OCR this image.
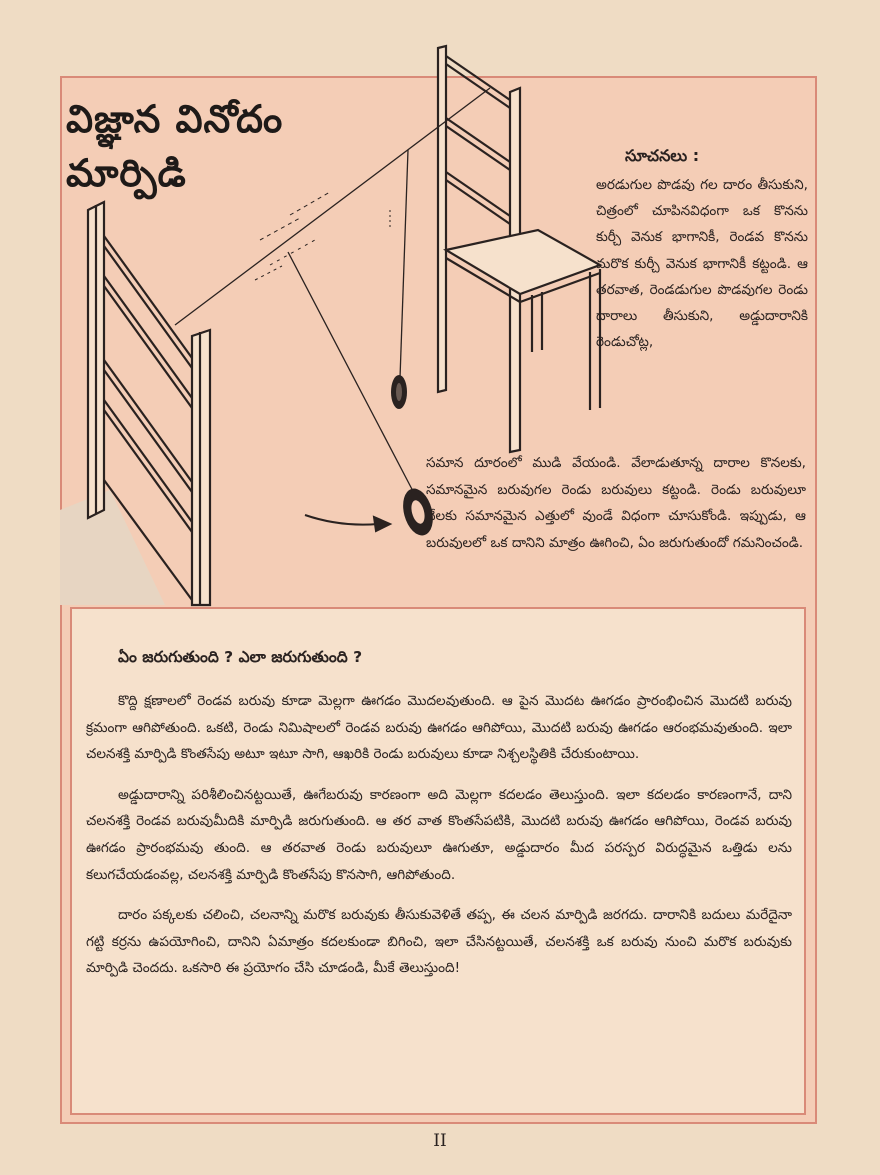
విజ్ఞాన వినోదం
మార్పిడి	సూచనలు :
అరడుగుల పొడవు గల దారం తీసుకుని, చిత్రంలో చూపినవిధంగా ఒక కొనను కుర్చీ వెనుక భాగానికీ, రెండవ కొనను మరొక కుర్చీ వెనుక భాగానికీ కట్టండి. ఆ తరవాత, రెండడుగుల పొడవుగల రెండు దారాలు తీసుకుని, అడ్డుదారానికి రెండుచోట్ల,
సమాన దూరంలో ముడి వేయండి. వేలాడుతూన్న దారాల కొనలకు, సమానమైన బరువుగల రెండు బరువులు కట్టండి. రెండు బరువులూ నేలకు సమానమైన ఎత్తులో వుండే విధంగా చూసుకోండి. ఇప్పుడు, ఆ బరువులలో ఒక దానిని మాత్రం ఊగించి, ఏం జరుగుతుందో గమనించండి.
ఏం జరుగుతుంది ? ఎలా జరుగుతుంది ?

కొద్ది క్షణాలలో రెండవ బరువు కూడా మెల్లగా ఊగడం మొదలవుతుంది. ఆ పైన మొదట ఊగడం ప్రారంభించిన మొదటి బరువు క్రమంగా ఆగిపోతుంది. ఒకటి, రెండు నిమిషాలలో రెండవ బరువు ఊగడం ఆగిపోయి, మొదటి బరువు ఊగడం ఆరంభమవుతుంది. ఇలా చలనశక్తి మార్పిడి కొంతసేపు అటూ ఇటూ సాగి, ఆఖరికి రెండు బరువులు కూడా నిశ్చలస్థితికి చేరుకుంటాయి.

అడ్డుదారాన్ని పరిశీలించినట్టయితే, ఊగేబరువు కారణంగా అది మెల్లగా కదలడం తెలుస్తుంది. ఇలా కదలడం కారణంగానే, దాని చలనశక్తి రెండవ బరువుమీదికి మార్పిడి జరుగుతుంది. ఆ తర వాత కొంతసేపటికి, మొదటి బరువు ఊగడం ఆగిపోయి, రెండవ బరువు ఊగడం ప్రారంభమవు తుంది. ఆ తరవాత రెండు బరువులూ ఊగుతూ, అడ్డుదారం మీద పరస్పర విరుద్ధమైన ఒత్తిడు లను కలుగచేయడంవల్ల, చలనశక్తి మార్పిడి కొంతసేపు కొనసాగి, ఆగిపోతుంది.

దారం పక్కలకు చలించి, చలనాన్ని మరొక బరువుకు తీసుకువెళితే తప్ప, ఈ చలన మార్పిడి జరగదు. దారానికి బదులు మరేదైనా గట్టి కర్రను ఉపయోగించి, దానిని ఏమాత్రం కదలకుండా బిగించి, ఇలా చేసినట్టయితే, చలనశక్తి ఒక బరువు నుంచి మరొక బరువుకు మార్పిడి చెందదు. ఒకసారి ఈ ప్రయోగం చేసి చూడండి, మీకే తెలుస్తుంది!

II
